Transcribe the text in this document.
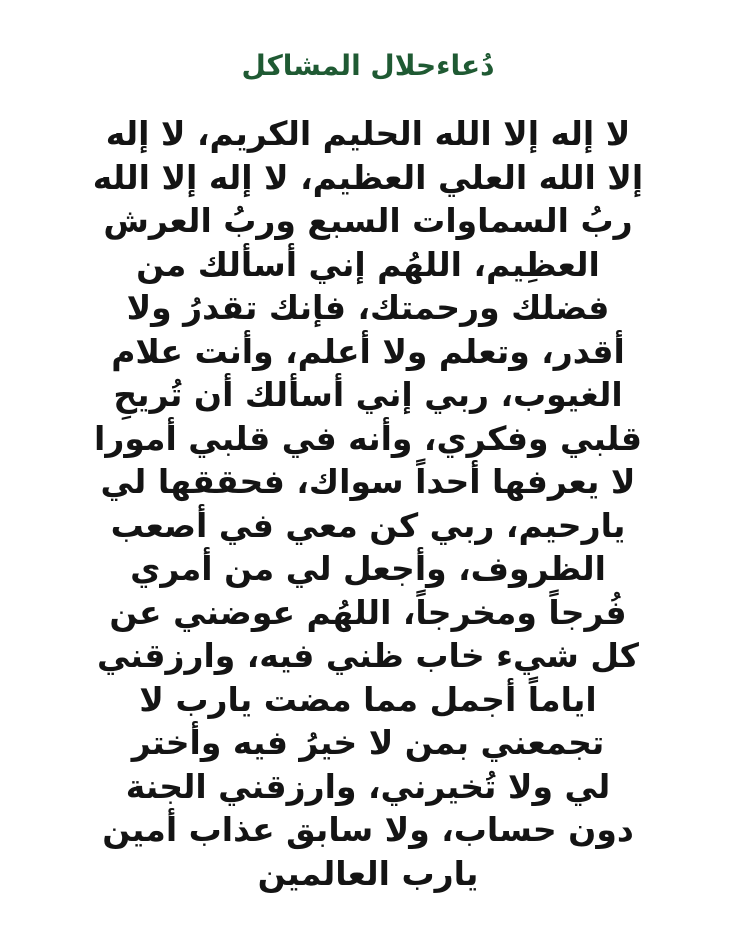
دُعاءحلال المشاكل
لا إله إلا الله الحليم الكريم، لا إله
إلا الله العلي العظيم، لا إله إلا الله
ربُ السماوات السبع وربُ العرش
العظِيم، اللهُم إني أسألك من
فضلك ورحمتك، فإنك تقدرُ ولا
أقدر، وتعلم ولا أعلم، وأنت علام
الغيوب، ربي إني أسألك أن تُريحِ
قلبي وفكري، وأنه في قلبي أمورا
لا يعرفها أحداً سواك، فحققها لي
يارحيم، ربي كن معي في أصعب
الظروف، وأجعل لي من أمري
فُرجاً ومخرجاً، اللهُم عوضني عن
كل شيء خاب ظني فيه، وارزقني
اياماً أجمل مما مضت يارب لا
تجمعني بمن لا خيرُ فيه وأختر
لي ولا تُخيرني، وارزقني الجنة
دون حساب، ولا سابق عذاب أمين
يارب العالمين
